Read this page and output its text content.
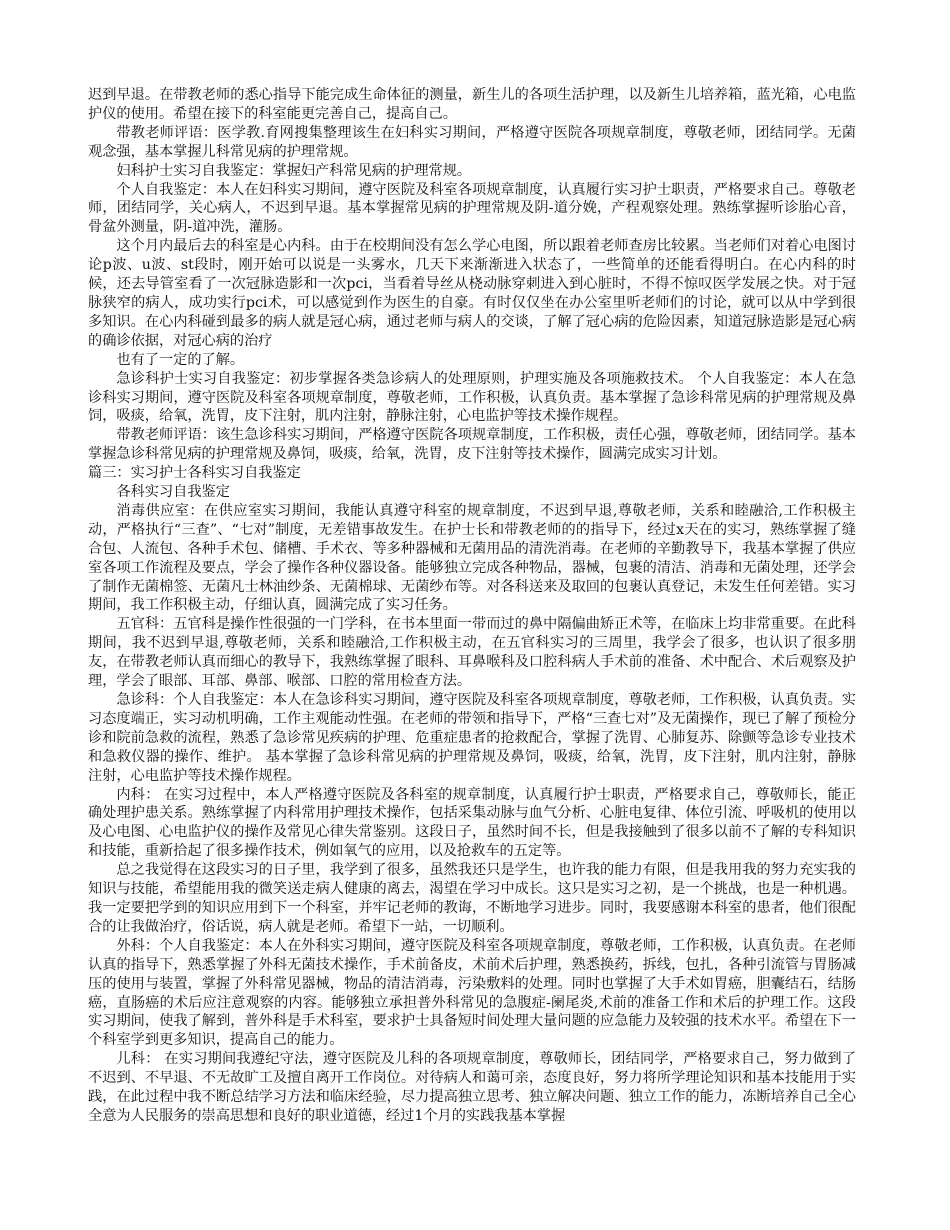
迟到早退。在带教老师的悉心指导下能完成生命体征的测量，新生儿的各项生活护理，以及新生儿培养箱，蓝光箱，心电监护仪的使用。希望在接下的科室能更完善自己，提高自己。

带教老师评语：医学教.育网搜集整理该生在妇科实习期间，严格遵守医院各项规章制度，尊敬老师，团结同学。无菌观念强，基本掌握儿科常见病的护理常规。

妇科护士实习自我鉴定：掌握妇产科常见病的护理常规。

个人自我鉴定：本人在妇科实习期间，遵守医院及科室各项规章制度，认真履行实习护士职责，严格要求自己。尊敬老师，团结同学，关心病人，不迟到早退。基本掌握常见病的护理常规及阴-道分娩，产程观察处理。熟练掌握听诊胎心音，骨盆外测量，阴-道冲洗，灌肠。

这个月内最后去的科室是心内科。由于在校期间没有怎么学心电图，所以跟着老师查房比较累。当老师们对着心电图讨论p波、u波、st段时，刚开始可以说是一头雾水，几天下来渐渐进入状态了，一些简单的还能看得明白。在心内科的时候，还去导管室看了一次冠脉造影和一次pci，当看着导丝从桡动脉穿刺进入到心脏时，不得不惊叹医学发展之快。对于冠脉狭窄的病人，成功实行pci术，可以感觉到作为医生的自豪。有时仅仅坐在办公室里听老师们的讨论，就可以从中学到很多知识。在心内科碰到最多的病人就是冠心病，通过老师与病人的交谈，了解了冠心病的危险因素，知道冠脉造影是冠心病的确诊依据，对冠心病的治疗

也有了一定的了解。

急诊科护士实习自我鉴定：初步掌握各类急诊病人的处理原则，护理实施及各项施救技术。 个人自我鉴定：本人在急诊科实习期间，遵守医院及科室各项规章制度，尊敬老师，工作积极，认真负责。基本掌握了急诊科常见病的护理常规及鼻饲，吸痰，给氧，洗胃，皮下注射，肌内注射，静脉注射，心电监护等技术操作规程。

带教老师评语：该生急诊科实习期间，严格遵守医院各项规章制度，工作积极，责任心强，尊敬老师，团结同学。基本掌握急诊科常见病的护理常规及鼻饲，吸痰，给氧，洗胃，皮下注射等技术操作，圆满完成实习计划。

篇三：实习护士各科实习自我鉴定

各科实习自我鉴定

消毒供应室：在供应室实习期间，我能认真遵守科室的规章制度，不迟到早退,尊敬老师，关系和睦融洽,工作积极主动，严格执行“三查”、“七对”制度，无差错事故发生。在护士长和带教老师的的指导下，经过x天在的实习，熟练掌握了缝合包、人流包、各种手术包、储槽、手术衣、等多种器械和无菌用品的清洗消毒。在老师的辛勤教导下，我基本掌握了供应室各项工作流程及要点，学会了操作各种仪器设备。能够独立完成各种物品，器械，包裹的清洁、消毒和无菌处理，还学会了制作无菌棉签、无菌凡士林油纱条、无菌棉球、无菌纱布等。对各科送来及取回的包裹认真登记，未发生任何差错。实习期间，我工作积极主动，仔细认真，圆满完成了实习任务。

五官科：五官科是操作性很强的一门学科，在书本里面一带而过的鼻中隔偏曲矫正术等，在临床上均非常重要。在此科期间，我不迟到早退,尊敬老师，关系和睦融洽,工作积极主动，在五官科实习的三周里，我学会了很多，也认识了很多朋友，在带教老师认真而细心的教导下，我熟练掌握了眼科、耳鼻喉科及口腔科病人手术前的准备、术中配合、术后观察及护理，学会了眼部、耳部、鼻部、喉部、口腔的常用检查方法。

急诊科：个人自我鉴定：本人在急诊科实习期间，遵守医院及科室各项规章制度，尊敬老师，工作积极，认真负责。实习态度端正，实习动机明确，工作主观能动性强。在老师的带领和指导下，严格“三查七对”及无菌操作，现已了解了预检分诊和院前急救的流程，熟悉了急诊常见疾病的护理、危重症患者的抢救配合，掌握了洗胃、心肺复苏、除颤等急诊专业技术和急救仪器的操作、维护。 基本掌握了急诊科常见病的护理常规及鼻饲，吸痰，给氧，洗胃，皮下注射，肌内注射，静脉注射，心电监护等技术操作规程。

内科： 在实习过程中，本人严格遵守医院及各科室的规章制度，认真履行护士职责，严格要求自己，尊敬师长，能正确处理护患关系。熟练掌握了内科常用护理技术操作，包括采集动脉与血气分析、心脏电复律、体位引流、呼吸机的使用以及心电图、心电监护仪的操作及常见心律失常鉴别。这段日子，虽然时间不长，但是我接触到了很多以前不了解的专科知识和技能，重新拾起了很多操作技术，例如氧气的应用，以及抢救车的五定等。

总之我觉得在这段实习的日子里，我学到了很多，虽然我还只是学生，也许我的能力有限，但是我用我的努力充实我的知识与技能，希望能用我的微笑送走病人健康的离去，渴望在学习中成长。这只是实习之初，是一个挑战，也是一种机遇。我一定要把学到的知识应用到下一个科室，并牢记老师的教诲，不断地学习进步。同时，我要感谢本科室的患者，他们很配合的让我做治疗，俗话说，病人就是老师。希望下一站，一切顺利。

外科：个人自我鉴定：本人在外科实习期间，遵守医院及科室各项规章制度，尊敬老师，工作积极，认真负责。在老师认真的指导下，熟悉掌握了外科无菌技术操作，手术前备皮，术前术后护理，熟悉换药，拆线，包扎，各种引流管与胃肠减压的使用与装置，掌握了外科常见器械，物品的清洁消毒，污染敷料的处理。同时也掌握了大手术如胃癌，胆囊结石，结肠癌，直肠癌的术后应注意观察的内容。能够独立承担普外科常见的急腹症-阑尾炎,术前的准备工作和术后的护理工作。这段实习期间，使我了解到，普外科是手术科室，要求护士具备短时间处理大量问题的应急能力及较强的技术水平。希望在下一个科室学到更多知识，提高自己的能力。

儿科： 在实习期间我遵纪守法，遵守医院及儿科的各项规章制度，尊敬师长，团结同学，严格要求自己，努力做到了不迟到、不早退、不无故旷工及擅自离开工作岗位。对待病人和蔼可亲，态度良好，努力将所学理论知识和基本技能用于实践，在此过程中我不断总结学习方法和临床经验，尽力提高独立思考、独立解决问题、独立工作的能力，冻断培养自己全心全意为人民服务的崇高思想和良好的职业道德，经过1个月的实践我基本掌握
